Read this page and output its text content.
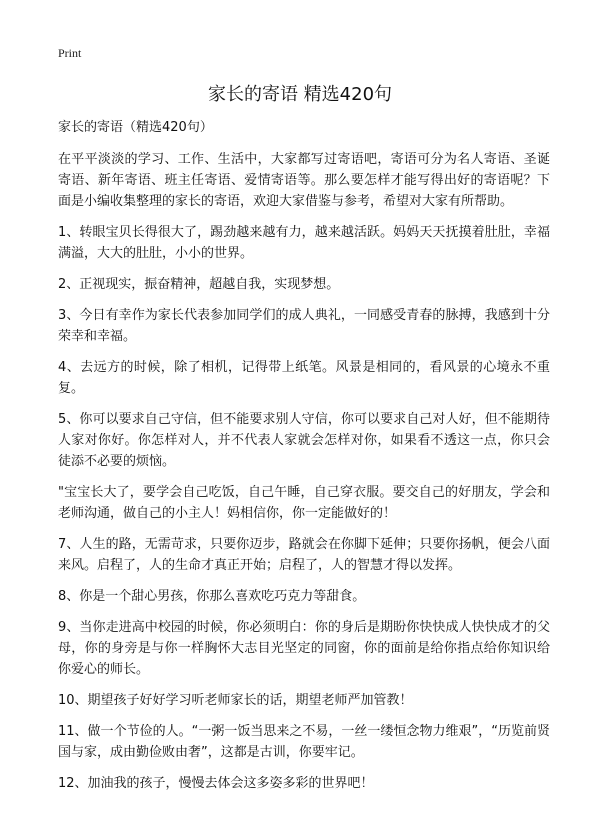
Print
家长的寄语 精选420句

家长的寄语（精选420句）

在平平淡淡的学习、工作、生活中，大家都写过寄语吧，寄语可分为名人寄语、圣诞寄语、新年寄语、班主任寄语、爱情寄语等。那么要怎样才能写得出好的寄语呢？下面是小编收集整理的家长的寄语，欢迎大家借鉴与参考，希望对大家有所帮助。

1、转眼宝贝长得很大了，踢劲越来越有力，越来越活跃。妈妈天天抚摸着肚肚，幸福满溢，大大的肚肚，小小的世界。

2、正视现实，振奋精神，超越自我，实现梦想。

3、今日有幸作为家长代表参加同学们的成人典礼，一同感受青春的脉搏，我感到十分荣幸和幸福。

4、去远方的时候，除了相机，记得带上纸笔。风景是相同的，看风景的心境永不重复。

5、你可以要求自己守信，但不能要求别人守信，你可以要求自己对人好，但不能期待人家对你好。你怎样对人，并不代表人家就会怎样对你，如果看不透这一点，你只会徒添不必要的烦恼。

"宝宝长大了，要学会自己吃饭，自己午睡，自己穿衣服。要交自己的好朋友，学会和老师沟通，做自己的小主人！妈相信你，你一定能做好的！

7、人生的路，无需苛求，只要你迈步，路就会在你脚下延伸；只要你扬帆，便会八面来风。启程了，人的生命才真正开始；启程了，人的智慧才得以发挥。

8、你是一个甜心男孩，你那么喜欢吃巧克力等甜食。

9、当你走进高中校园的时候，你必须明白：你的身后是期盼你快快成人快快成才的父母，你的身旁是与你一样胸怀大志目光坚定的同窗，你的面前是给你指点给你知识给你爱心的师长。

10、期望孩子好好学习听老师家长的话，期望老师严加管教！

11、做一个节俭的人。“一粥一饭当思来之不易，一丝一缕恒念物力维艰”，“历览前贤国与家，成由勤俭败由奢”，这都是古训，你要牢记。

12、加油我的孩子，慢慢去体会这多姿多彩的世界吧！
